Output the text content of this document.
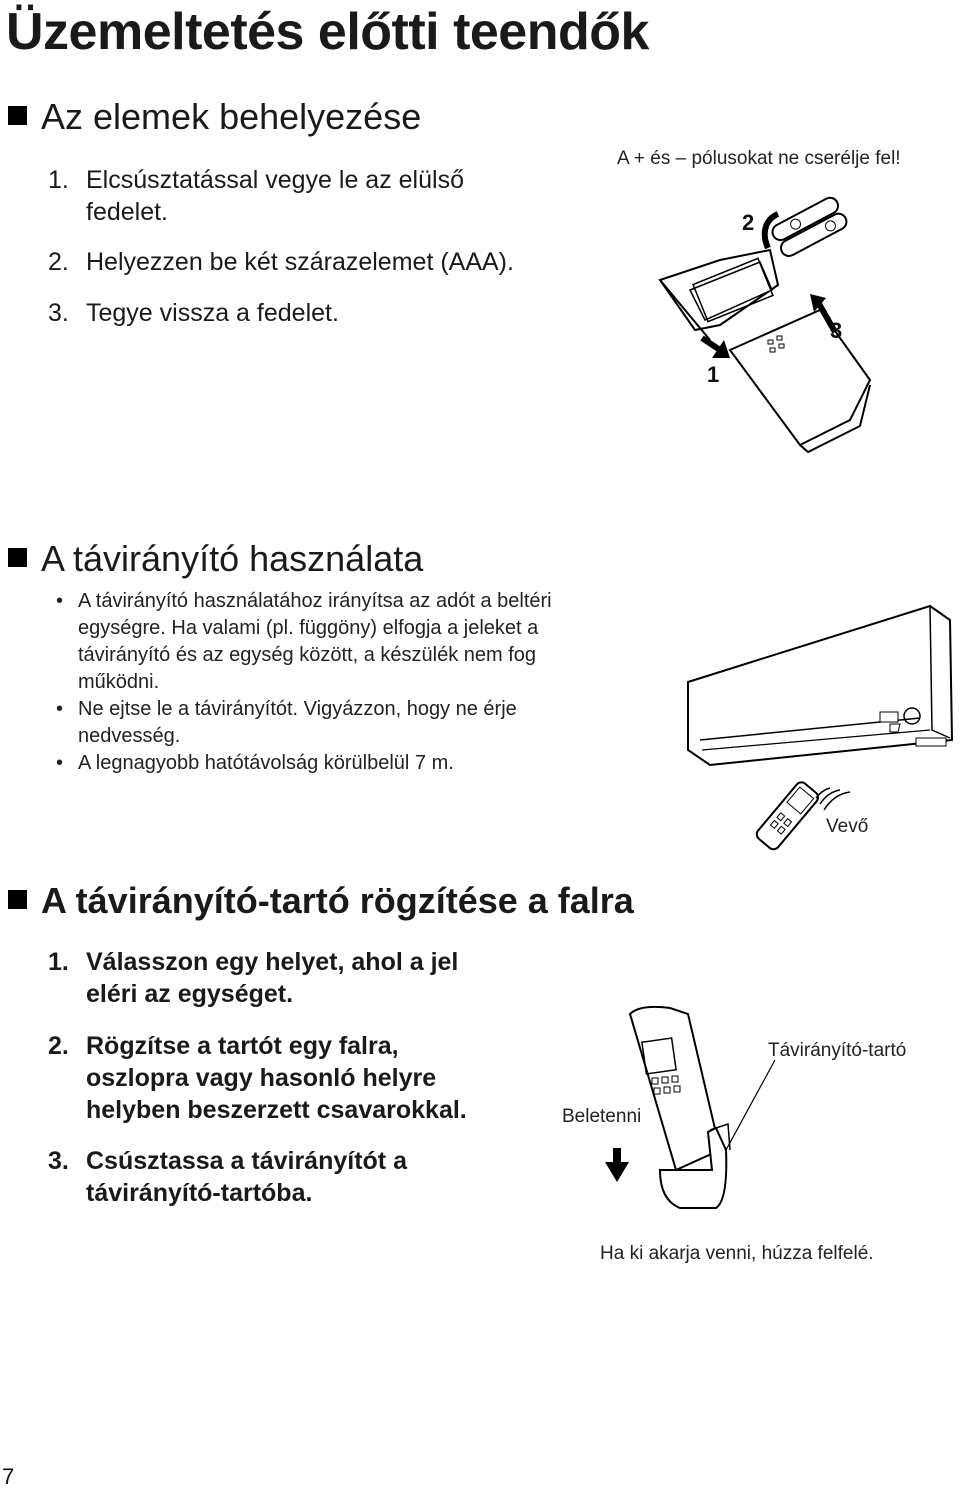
Üzemeltetés előtti teendők
Az elemek behelyezése
1. Elcsúsztatással vegye le az elülső fedelet.
2. Helyezzen be két szárazelemet (AAA).
3. Tegye vissza a fedelet.
A + és – pólusokat ne cserélje fel!
2
1
3
A távirányító használata
• A távirányító használatához irányítsa az adót a beltéri egységre. Ha valami (pl. függöny) elfogja a jeleket a távirányító és az egység között, a készülék nem fog működni.
• Ne ejtse le a távirányítót. Vigyázzon, hogy ne érje nedvesség.
• A legnagyobb hatótávolság körülbelül 7 m.
Vevő
A távirányító-tartó rögzítése a falra
1. Válasszon egy helyet, ahol a jel eléri az egységet.
2. Rögzítse a tartót egy falra, oszlopra vagy hasonló helyre helyben beszerzett csavarokkal.
3. Csúsztassa a távirányítót a távirányító-tartóba.
Beletenni
Távirányító-tartó
Ha ki akarja venni, húzza felfelé.
7
